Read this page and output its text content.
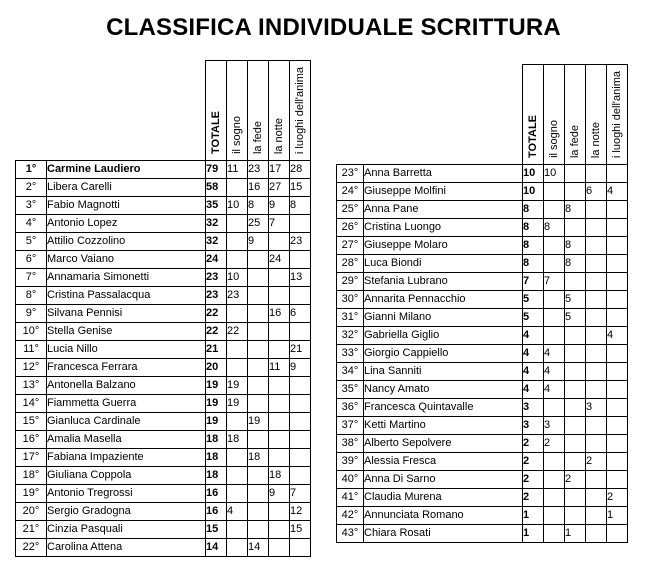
CLASSIFICA INDIVIDUALE SCRITTURA
		TOTALE	il sogno	la fede	la notte	i luoghi dell'anima
1°	Carmine Laudiero	79	11	23	17	28
2°	Libera Carelli	58		16	27	15
3°	Fabio Magnotti	35	10	8	9	8
4°	Antonio Lopez	32		25	7	
5°	Attilio Cozzolino	32		9		23
6°	Marco Vaiano	24			24	
7°	Annamaria Simonetti	23	10			13
8°	Cristina Passalacqua	23	23			
9°	Silvana Pennisi	22			16	6
10°	Stella Genise	22	22			
11°	Lucia Nillo	21				21
12°	Francesca Ferrara	20			11	9
13°	Antonella Balzano	19	19			
14°	Fiammetta Guerra	19	19			
15°	Gianluca Cardinale	19		19		
16°	Amalia Masella	18	18			
17°	Fabiana Impaziente	18		18		
18°	Giuliana Coppola	18			18	
19°	Antonio Tregrossi	16			9	7
20°	Sergio Gradogna	16	4			12
21°	Cinzia Pasquali	15				15
22°	Carolina Attena	14		14		
		TOTALE	il sogno	la fede	la notte	i luoghi dell'anima
23°	Anna Barretta	10	10			
24°	Giuseppe Molfini	10			6	4
25°	Anna Pane	8		8		
26°	Cristina Luongo	8	8			
27°	Giuseppe Molaro	8		8		
28°	Luca Biondi	8		8		
29°	Stefania Lubrano	7	7			
30°	Annarita Pennacchio	5		5		
31°	Gianni Milano	5		5		
32°	Gabriella Giglio	4				4
33°	Giorgio Cappiello	4	4			
34°	Lina Sanniti	4	4			
35°	Nancy Amato	4	4			
36°	Francesca Quintavalle	3			3	
37°	Ketti Martino	3	3			
38°	Alberto Sepolvere	2	2			
39°	Alessia Fresca	2			2	
40°	Anna Di Sarno	2		2		
41°	Claudia Murena	2				2
42°	Annunciata Romano	1				1
43°	Chiara Rosati	1		1		
